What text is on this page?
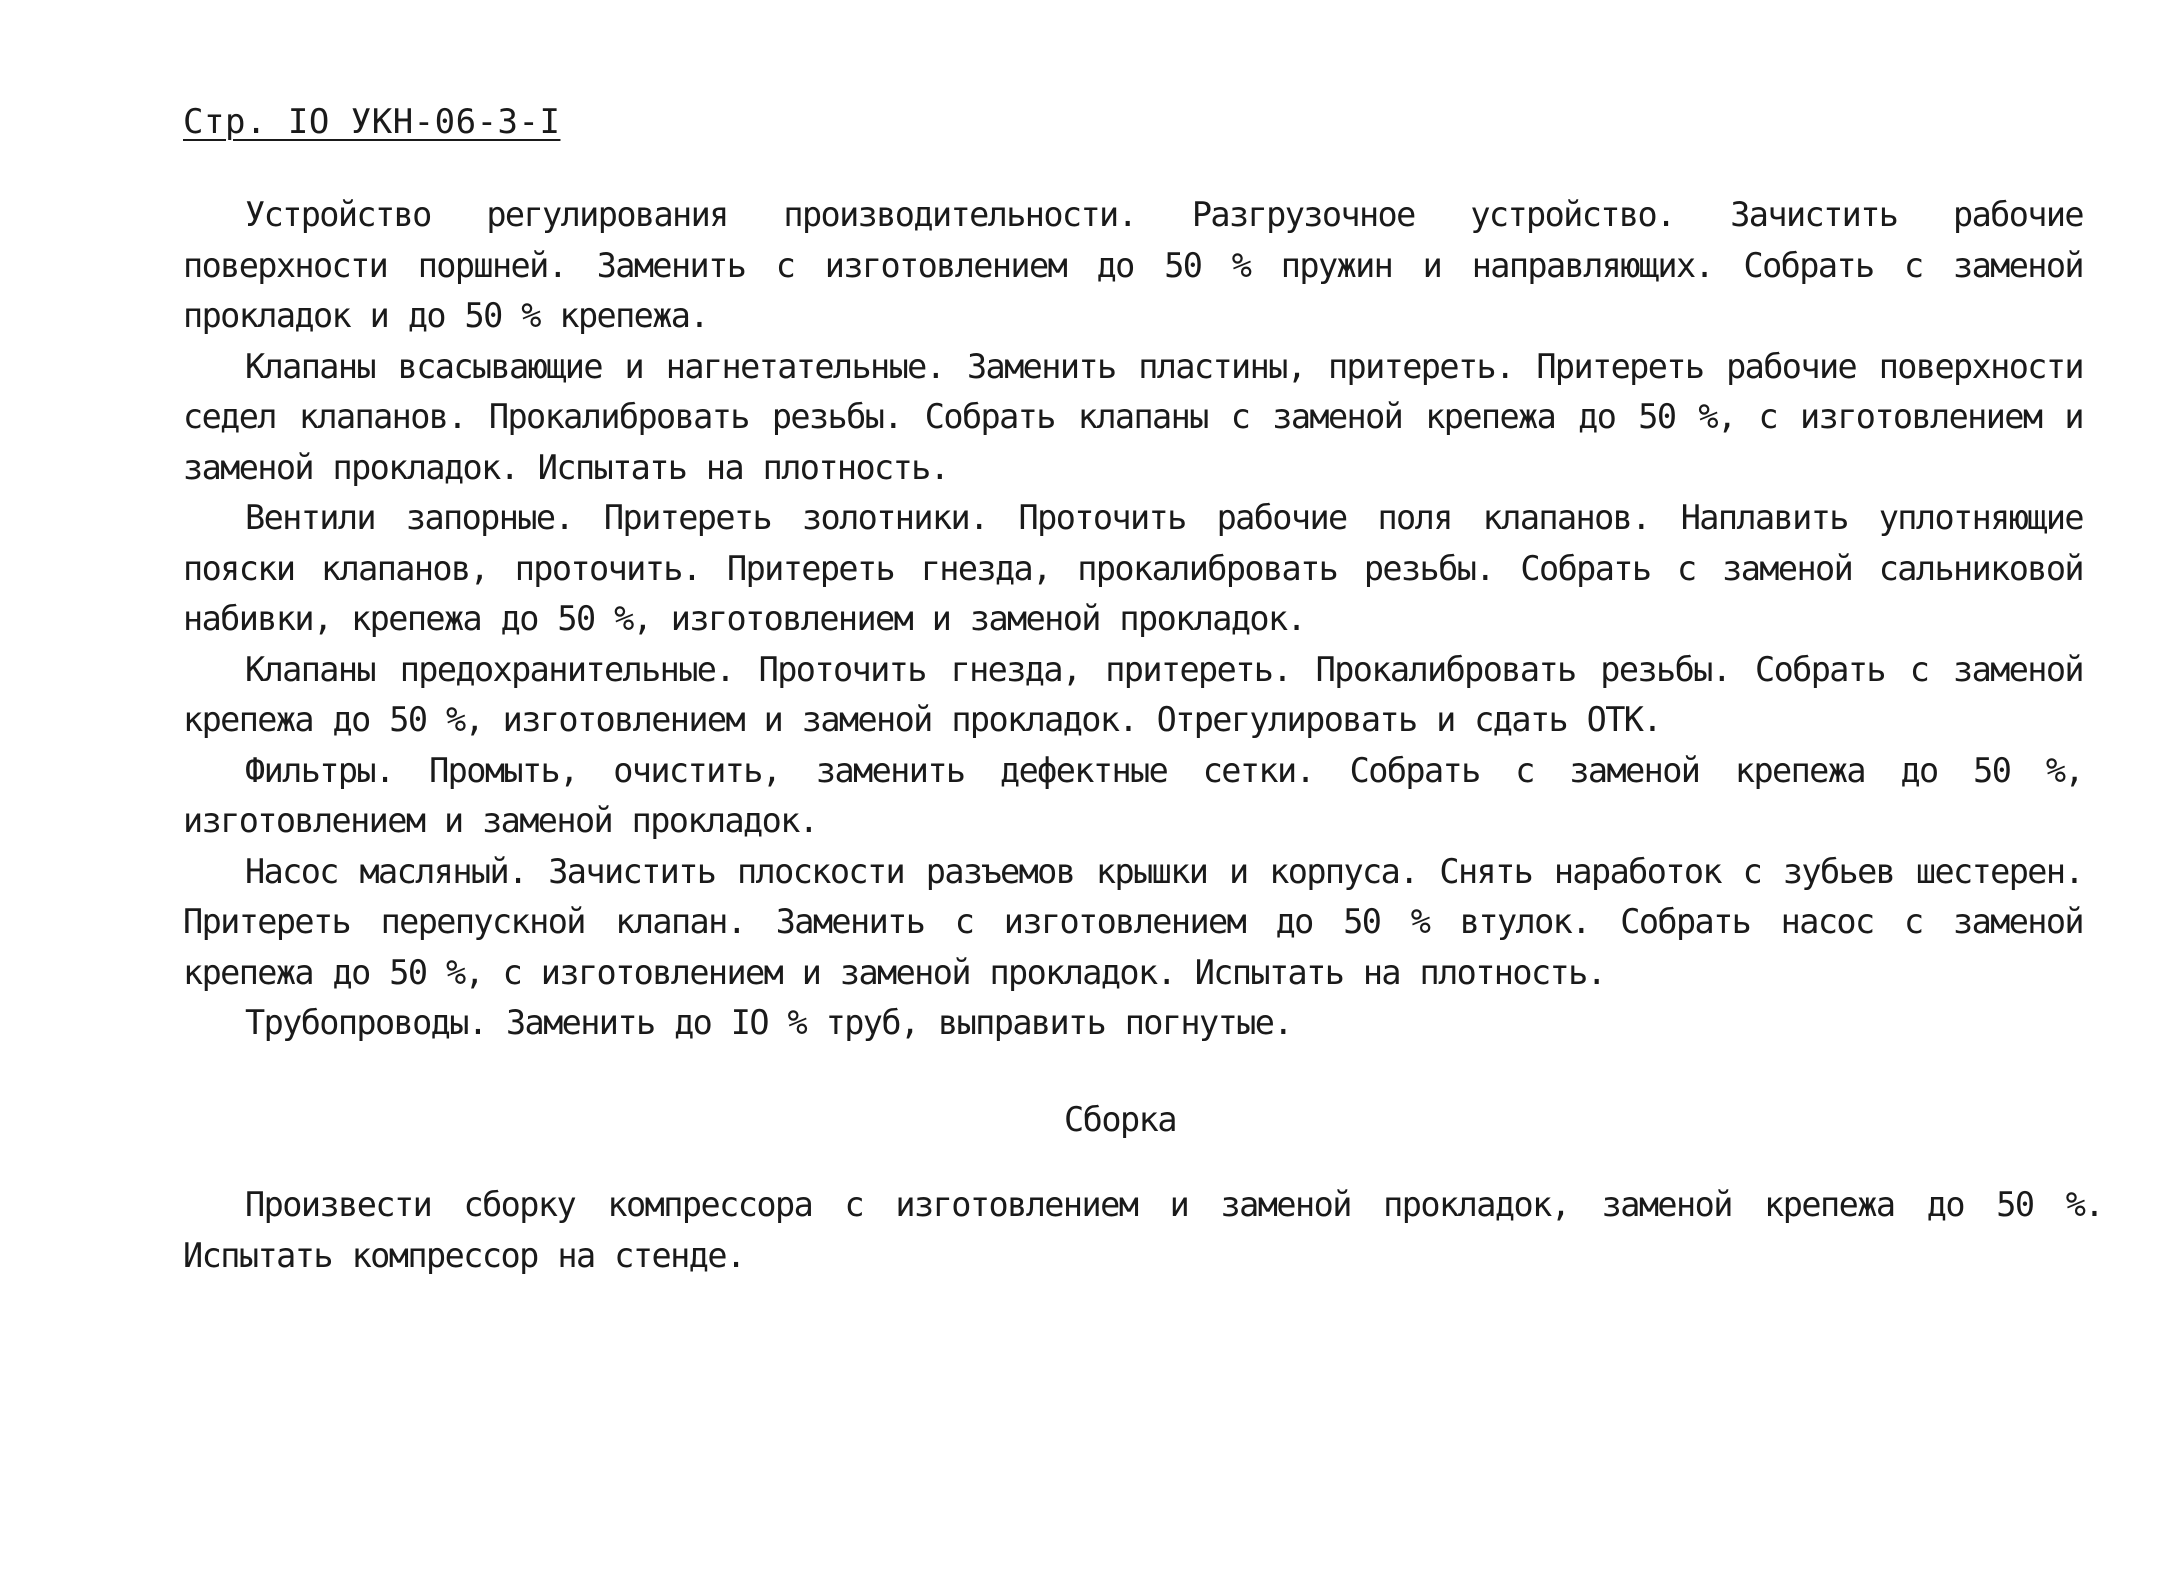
Стр. IO УКН-06-3-I

Устройство регулирования производительности. Разгрузочное устройство. Зачистить рабочие поверхности поршней. Заменить с изготовлением до 50 % пружин и направляющих. Собрать с заменой прокладок и до 50 % крепежа.

Клапаны всасывающие и нагнетательные. Заменить пластины, притереть. Притереть рабочие поверхности седел клапанов. Прокалибровать резьбы. Собрать клапаны с заменой крепежа до 50 %, с изготовлением и заменой прокладок. Испытать на плотность.

Вентили запорные. Притереть золотники. Проточить рабочие поля клапанов. Наплавить уплотняющие пояски клапанов, проточить. Притереть гнезда, прокалибровать резьбы. Собрать с заменой сальниковой набивки, крепежа до 50 %, изготовлением и заменой прокладок.

Клапаны предохранительные. Проточить гнезда, притереть. Прокалибровать резьбы. Собрать с заменой крепежа до 50 %, изготовлением и заменой прокладок. Отрегулировать и сдать ОТК.

Фильтры. Промыть, очистить, заменить дефектные сетки. Собрать с заменой крепежа до 50 %, изготовлением и заменой прокладок.

Насос масляный. Зачистить плоскости разъемов крышки и корпуса. Снять наработок с зубьев шестерен. Притереть перепускной клапан. Заменить с изготовлением до 50 % втулок. Собрать насос с заменой крепежа до 50 %, с изготовлением и заменой прокладок. Испытать на плотность.

Трубопроводы. Заменить до IO % труб, выправить погнутые.

Сборка

Произвести сборку компрессора с изготовлением и заменой прокладок, заменой крепежа до 50 %. Испытать компрессор на стенде.
